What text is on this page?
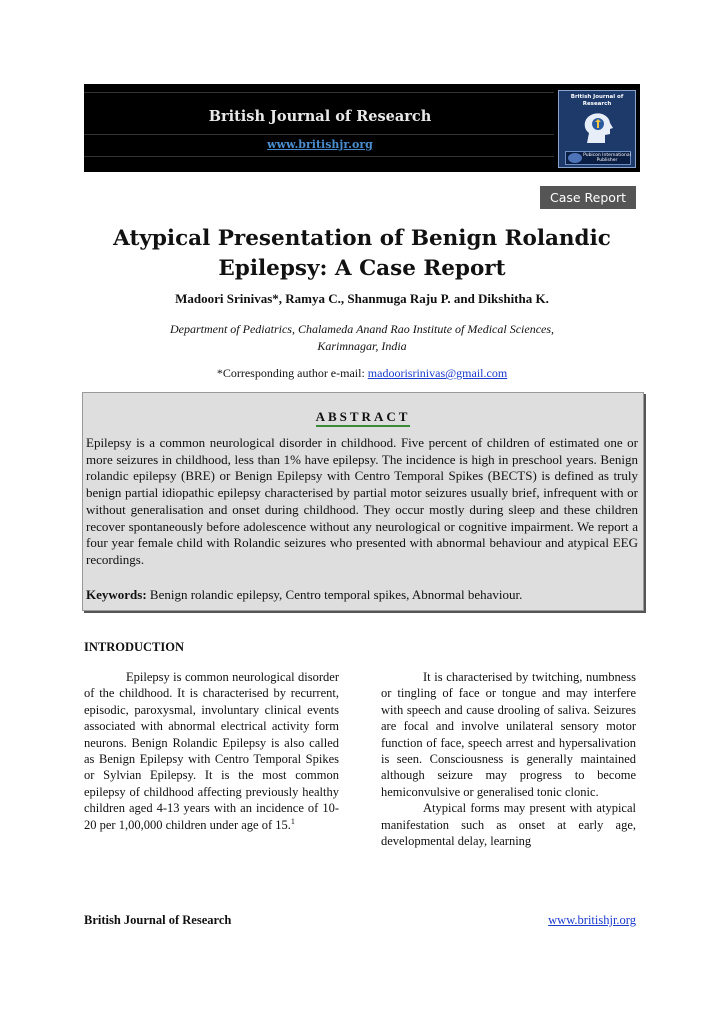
British Journal of Research
www.britishjr.org
British Journal of Research
Pubicon International Publisher
Case Report
Atypical Presentation of Benign Rolandic
Epilepsy: A Case Report
Madoori Srinivas*, Ramya C., Shanmuga Raju P. and Dikshitha K.
Department of Pediatrics, Chalameda Anand Rao Institute of Medical Sciences,
Karimnagar, India
*Corresponding author e-mail: madoorisrinivas@gmail.com
ABSTRACT
Epilepsy is a common neurological disorder in childhood. Five percent of children of estimated one or more seizures in childhood, less than 1% have epilepsy. The incidence is high in preschool years. Benign rolandic epilepsy (BRE) or Benign Epilepsy with Centro Temporal Spikes (BECTS) is defined as truly benign partial idiopathic epilepsy characterised by partial motor seizures usually brief, infrequent with or without generalisation and onset during childhood. They occur mostly during sleep and these children recover spontaneously before adolescence without any neurological or cognitive impairment. We report a four year female child with Rolandic seizures who presented with abnormal behaviour and atypical EEG recordings.
Keywords: Benign rolandic epilepsy, Centro temporal spikes, Abnormal behaviour.
INTRODUCTION

Epilepsy is common neurological disorder of the childhood. It is characterised by recurrent, episodic, paroxysmal, involuntary clinical events associated with abnormal electrical activity form neurons. Benign Rolandic Epilepsy is also called as Benign Epilepsy with Centro Temporal Spikes or Sylvian Epilepsy. It is the most common epilepsy of childhood affecting previously healthy children aged 4-13 years with an incidence of 10-20 per 1,00,000 children under age of 15.$^1$

It is characterised by twitching, numbness or tingling of face or tongue and may interfere with speech and cause drooling of saliva. Seizures are focal and involve unilateral sensory motor function of face, speech arrest and hypersalivation is seen. Consciousness is generally maintained although seizure may progress to become hemiconvulsive or generalised tonic clonic.

Atypical forms may present with atypical manifestation such as onset at early age, developmental delay, learning

British Journal of Research	www.britishjr.org
